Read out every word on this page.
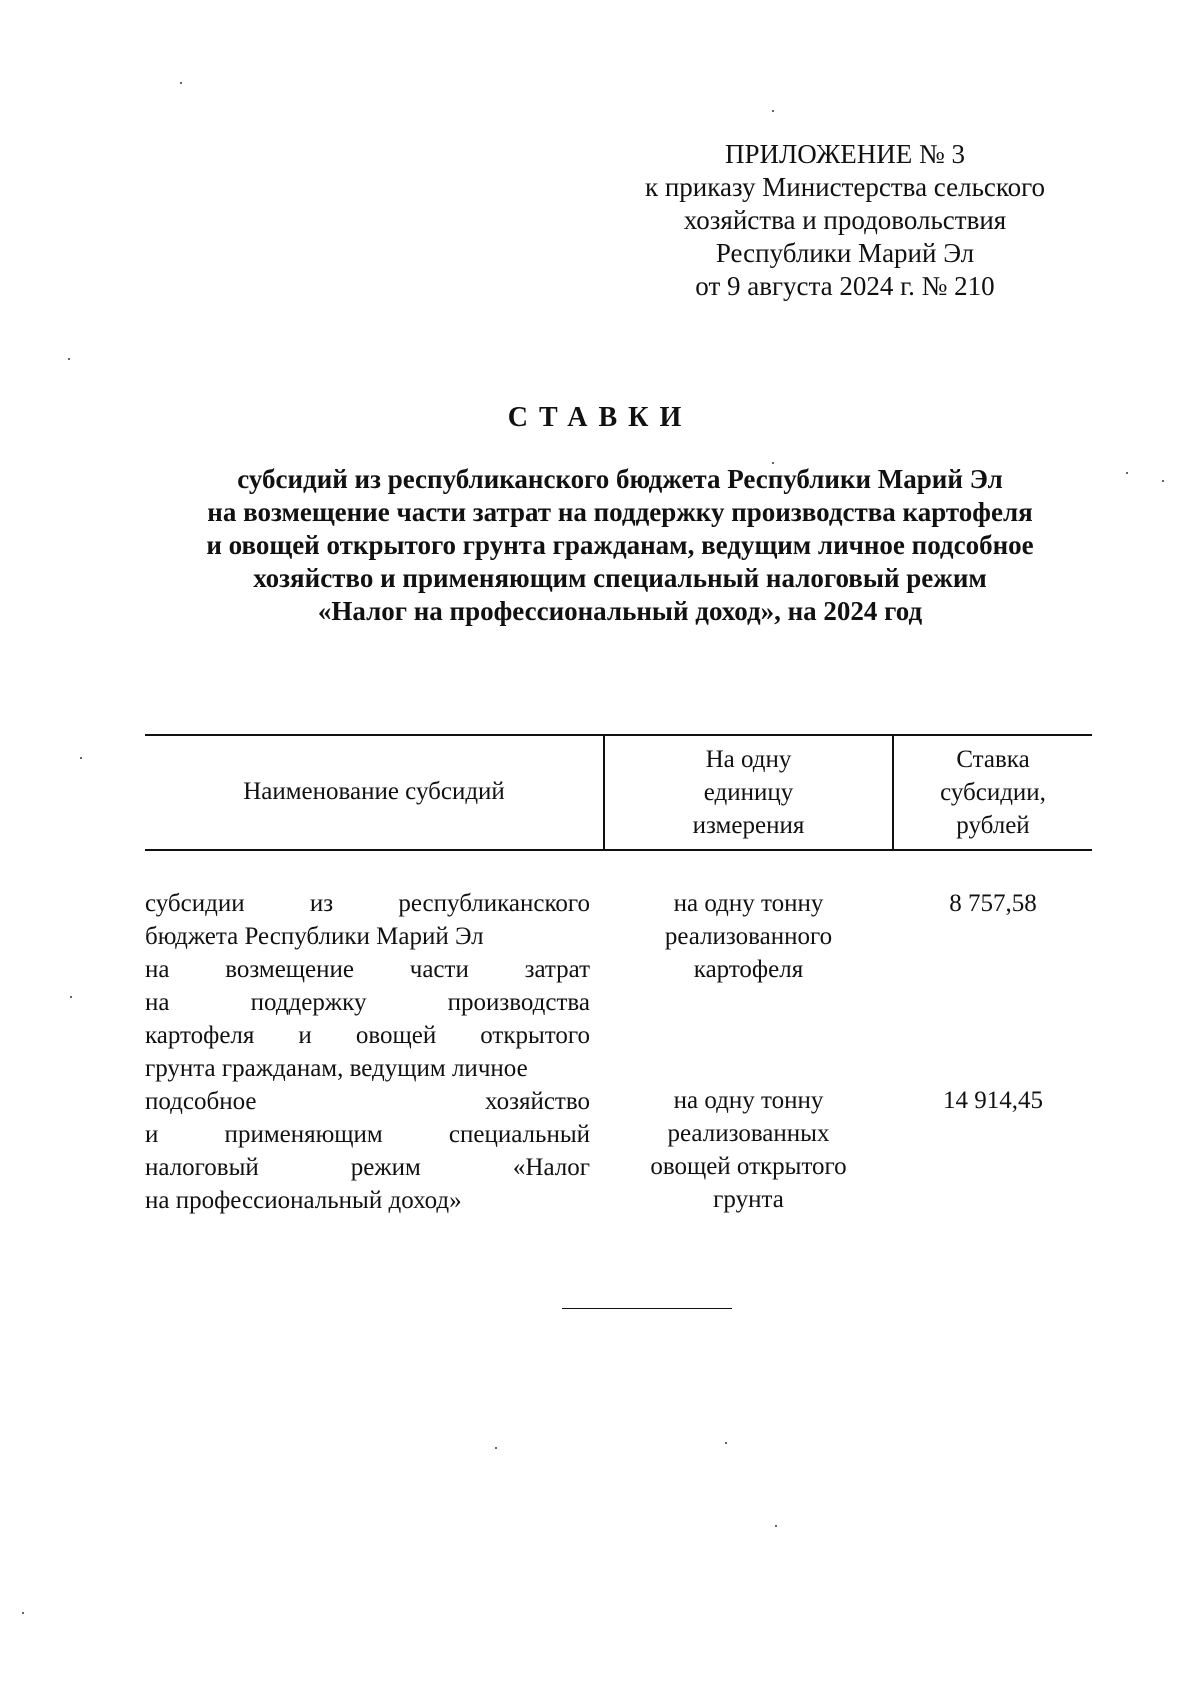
ПРИЛОЖЕНИЕ № 3
к приказу Министерства сельского
хозяйства и продовольствия
Республики Марий Эл
от 9 августа 2024 г. № 210
СТАВКИ
субсидий из республиканского бюджета Республики Марий Эл
на возмещение части затрат на поддержку производства картофеля
и овощей открытого грунта гражданам, ведущим личное подсобное
хозяйство и применяющим специальный налоговый режим
«Налог на профессиональный доход», на 2024 год
Наименование субсидий
На одну
единицу
измерения
Ставка
субсидии,
рублей
субсидии из республиканского
бюджета Республики Марий Эл
на возмещение части затрат
на поддержку производства
картофеля и овощей открытого
грунта гражданам, ведущим личное
подсобное хозяйство
и применяющим специальный
налоговый режим «Налог
на профессиональный доход»
на одну тонну
реализованного
картофеля
8 757,58
на одну тонну
реализованных
овощей открытого
грунта
14 914,45
